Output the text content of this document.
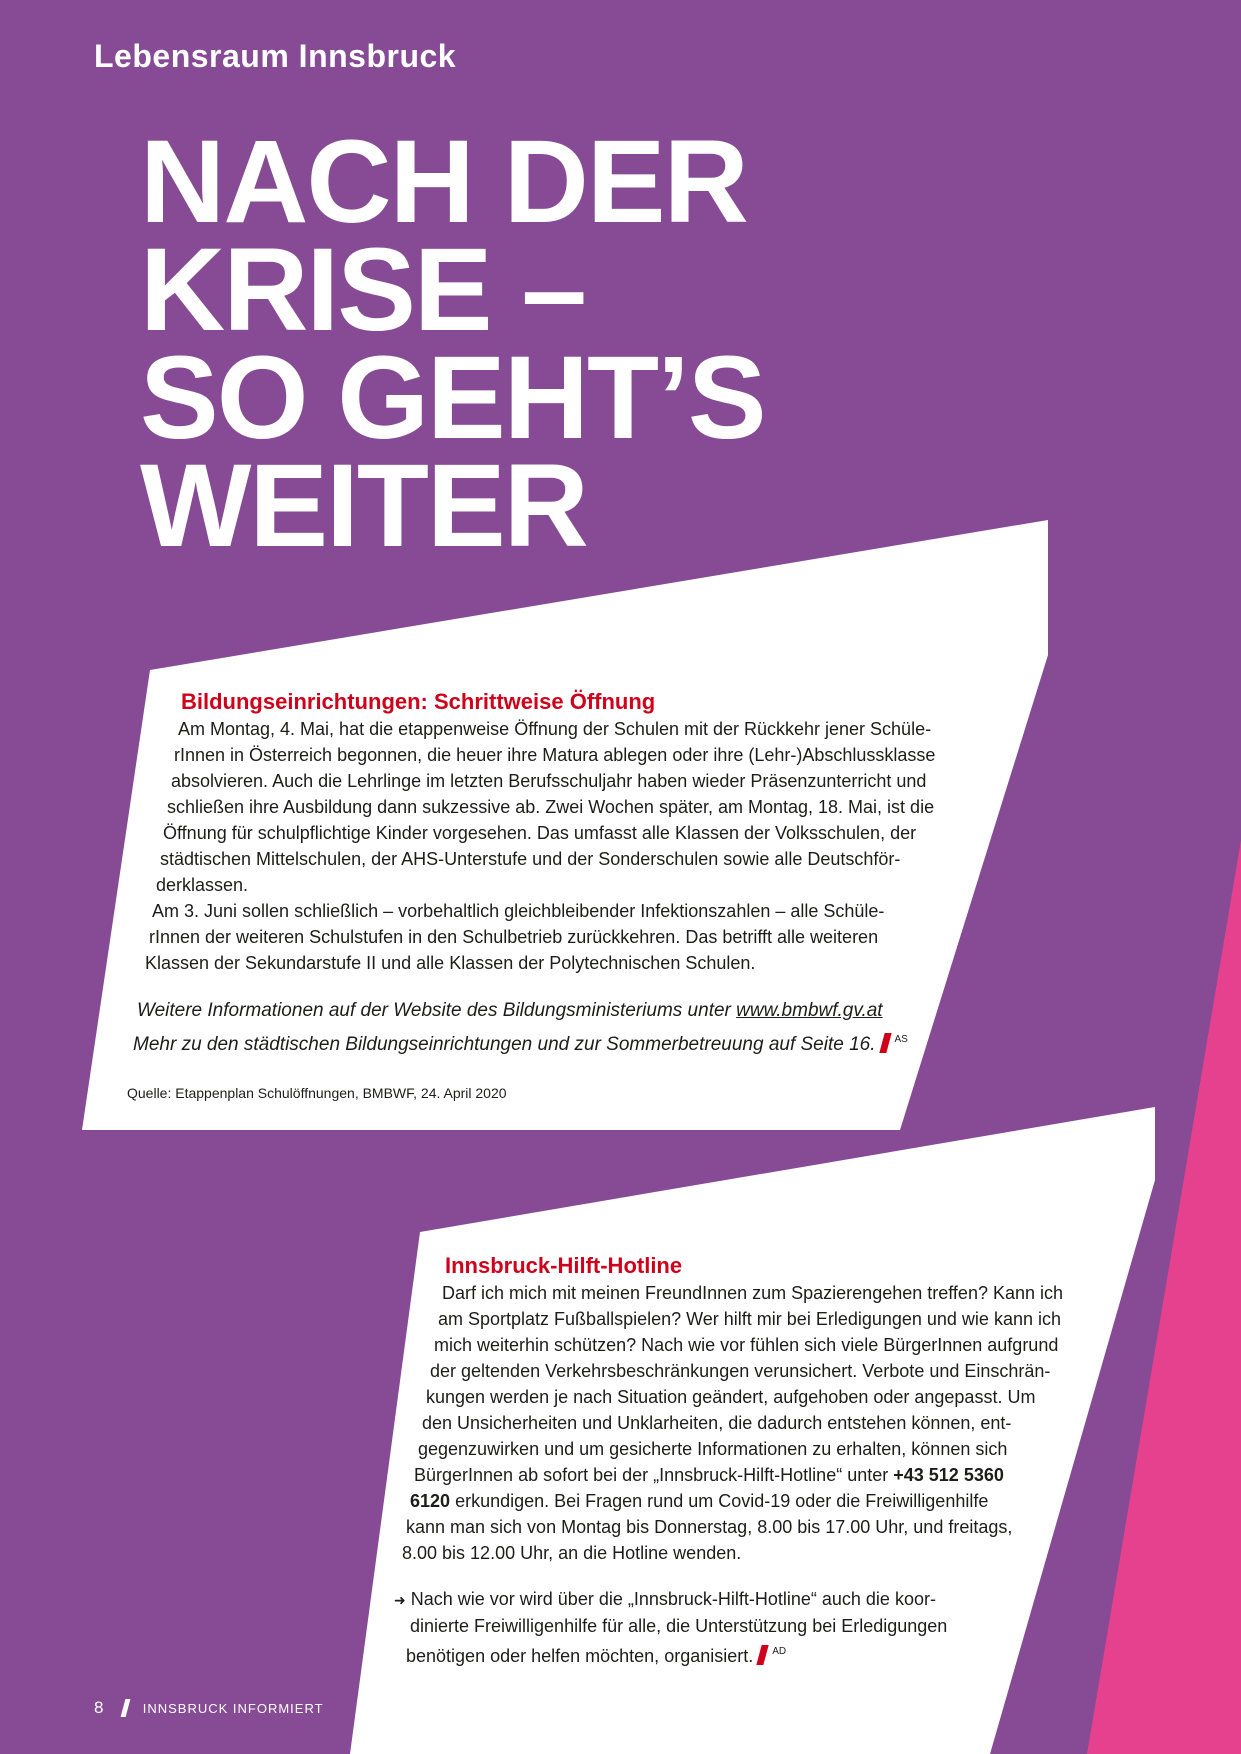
Lebensraum Innsbruck
NACH DER
KRISE –
SO GEHT’S
WEITER
Bildungseinrichtungen: Schrittweise Öffnung
Am Montag, 4. Mai, hat die etappenweise Öffnung der Schulen mit der Rückkehr jener Schüle-
rInnen in Österreich begonnen, die heuer ihre Matura ablegen oder ihre (Lehr-)Abschlussklasse
absolvieren. Auch die Lehrlinge im letzten Berufsschuljahr haben wieder Präsenzunterricht und
schließen ihre Ausbildung dann sukzessive ab. Zwei Wochen später, am Montag, 18. Mai, ist die
Öffnung für schulpflichtige Kinder vorgesehen. Das umfasst alle Klassen der Volksschulen, der
städtischen Mittelschulen, der AHS-Unterstufe und der Sonderschulen sowie alle Deutschför-
derklassen.
Am 3. Juni sollen schließlich – vorbehaltlich gleichbleibender Infektionszahlen – alle Schüle-
rInnen der weiteren Schulstufen in den Schulbetrieb zurückkehren. Das betrifft alle weiteren
Klassen der Sekundarstufe II und alle Klassen der Polytechnischen Schulen.
Weitere Informationen auf der Website des Bildungsministeriums unter www.bmbwf.gv.at
Mehr zu den städtischen Bildungseinrichtungen und zur Sommerbetreuung auf Seite 16. $^{AS}$
Quelle: Etappenplan Schulöffnungen, BMBWF, 24. April 2020
Innsbruck-Hilft-Hotline
Darf ich mich mit meinen FreundInnen zum Spazierengehen treffen? Kann ich
am Sportplatz Fußballspielen? Wer hilft mir bei Erledigungen und wie kann ich
mich weiterhin schützen? Nach wie vor fühlen sich viele BürgerInnen aufgrund
der geltenden Verkehrsbeschränkungen verunsichert. Verbote und Einschrän-
kungen werden je nach Situation geändert, aufgehoben oder angepasst. Um
den Unsicherheiten und Unklarheiten, die dadurch entstehen können, ent-
gegenzuwirken und um gesicherte Informationen zu erhalten, können sich
BürgerInnen ab sofort bei der „Innsbruck-Hilft-Hotline“ unter +43 512 5360
6120 erkundigen. Bei Fragen rund um Covid-19 oder die Freiwilligenhilfe
kann man sich von Montag bis Donnerstag, 8.00 bis 17.00 Uhr, und freitags,
8.00 bis 12.00 Uhr, an die Hotline wenden.
➜ Nach wie vor wird über die „Innsbruck-Hilft-Hotline“ auch die koor-
dinierte Freiwilligenhilfe für alle, die Unterstützung bei Erledigungen
benötigen oder helfen möchten, organisiert. $^{AD}$
8	INNSBRUCK INFORMIERT
